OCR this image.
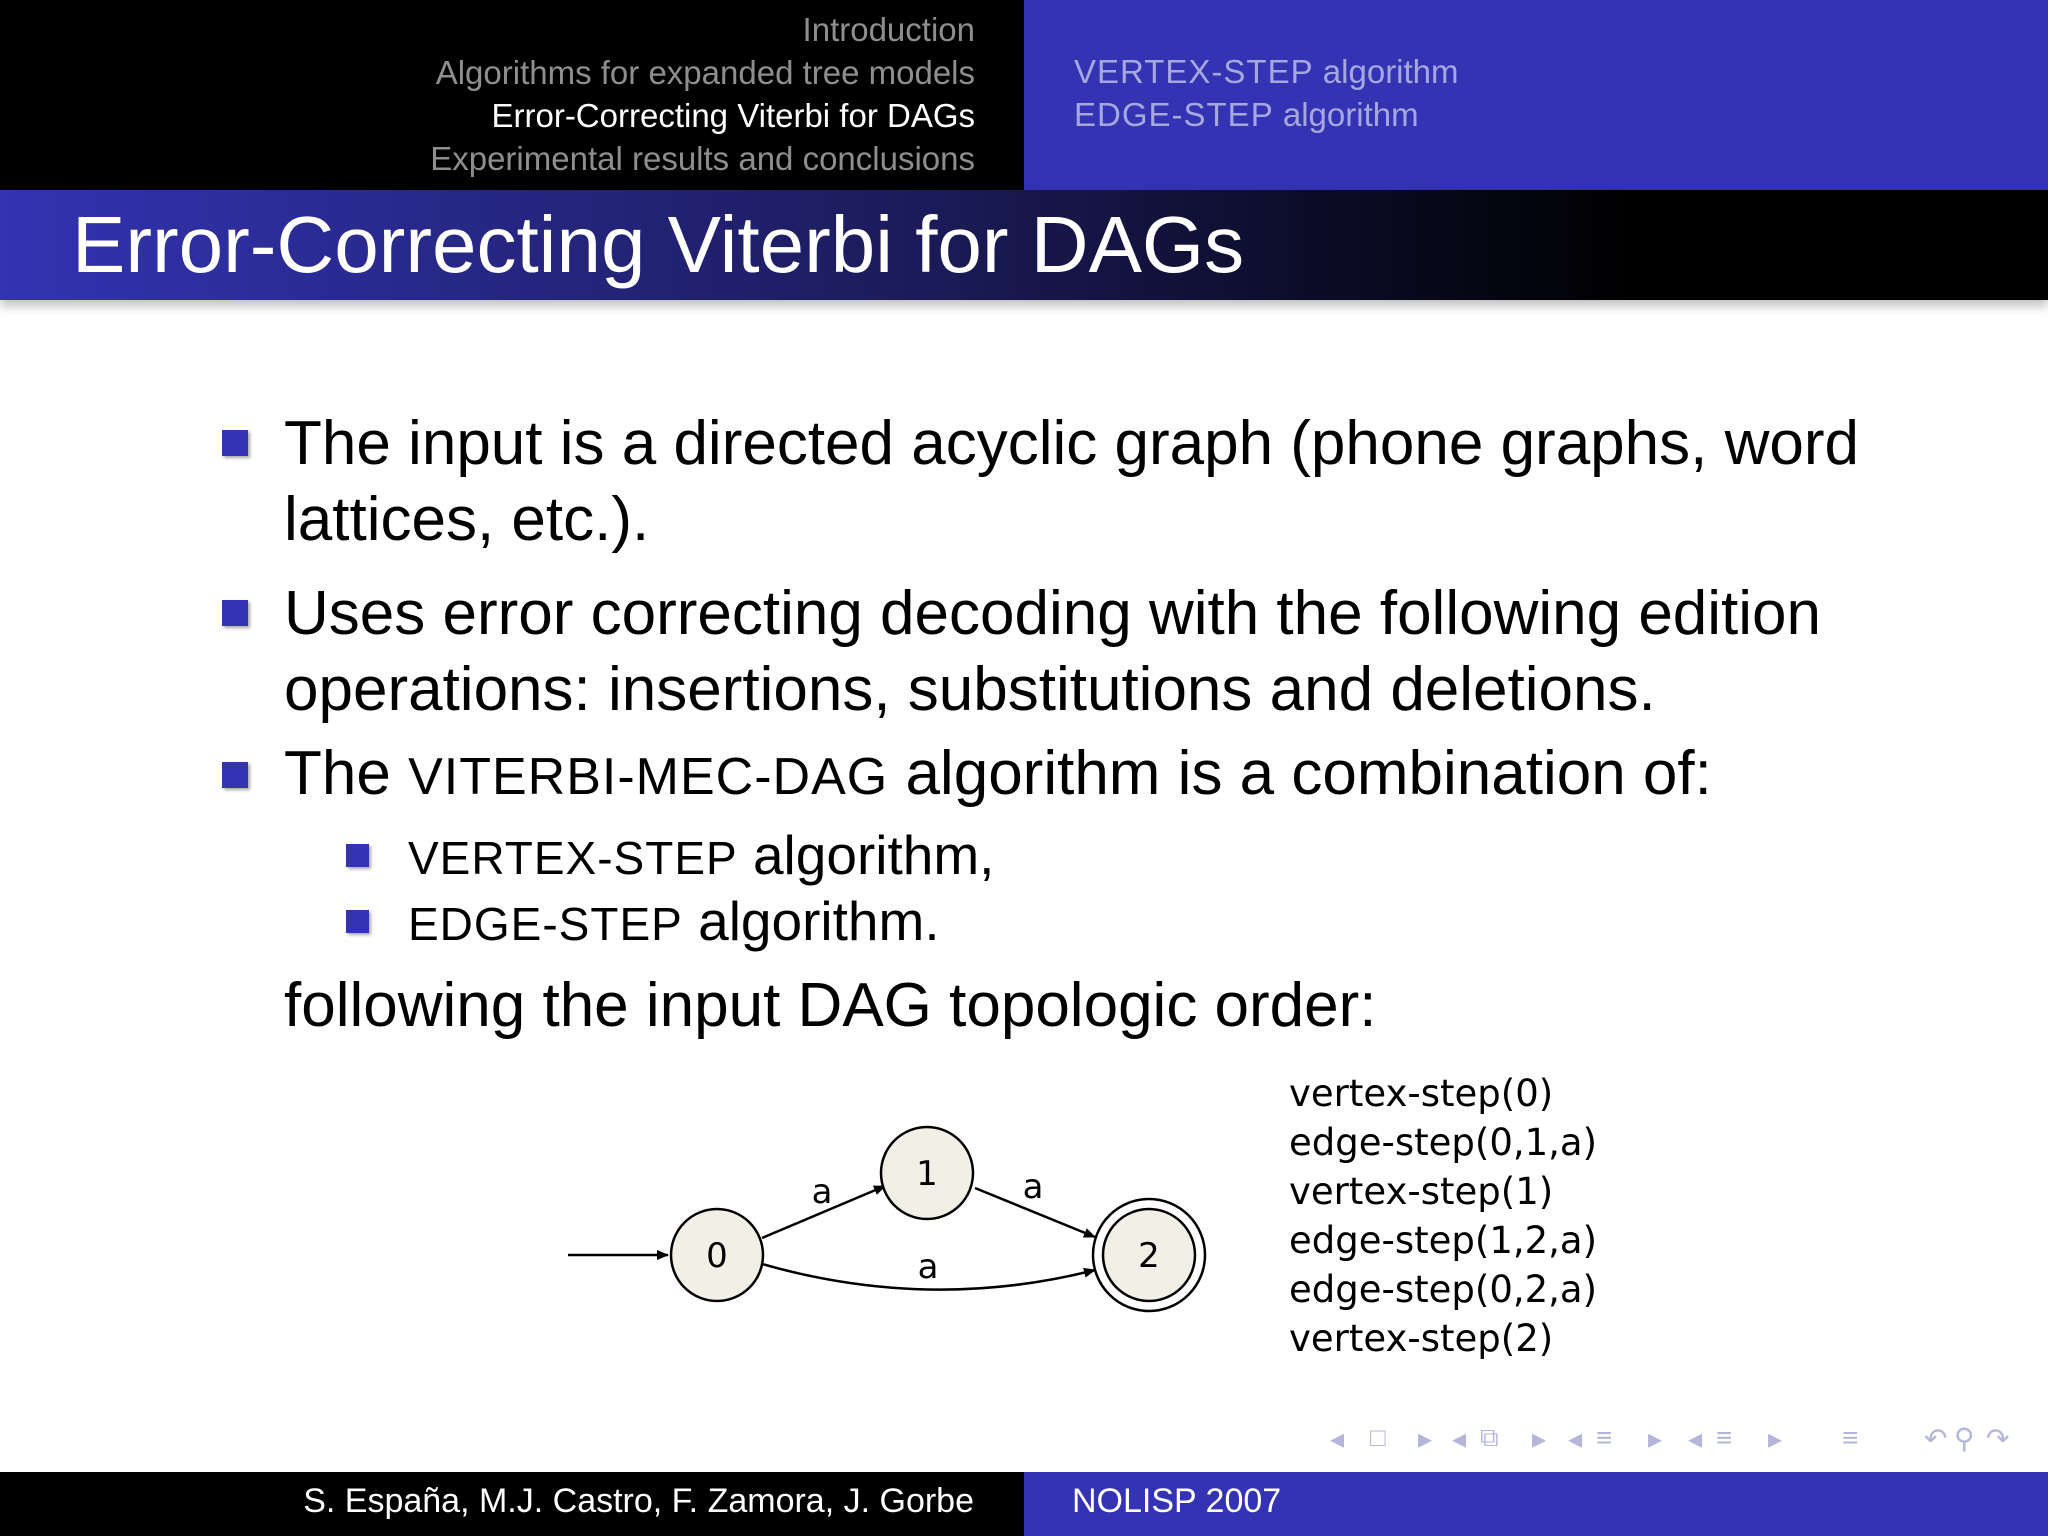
Introduction
Algorithms for expanded tree models
Error-Correcting Viterbi for DAGs
Experimental results and conclusions
VERTEX-STEP algorithm
EDGE-STEP algorithm
Error-Correcting Viterbi for DAGs
The input is a directed acyclic graph (phone graphs, word
lattices, etc.).
Uses error correcting decoding with the following edition
operations: insertions, substitutions and deletions.
The VITERBI-MEC-DAG algorithm is a combination of:
VERTEX-STEP algorithm,
EDGE-STEP algorithm.
following the input DAG topologic order:
a	a
a
0
1
2
vertex-step(0)
edge-step(0,1,a)
vertex-step(1)
edge-step(1,2,a)
edge-step(0,2,a)
vertex-step(2)
◂ □ ▸ ◂ ⧉ ▸ ◂ ≡ ▸ ◂ ≡ ▸ ≡ ↶ ⚲ ↷
S. España, M.J. Castro, F. Zamora, J. Gorbe	NOLISP 2007
